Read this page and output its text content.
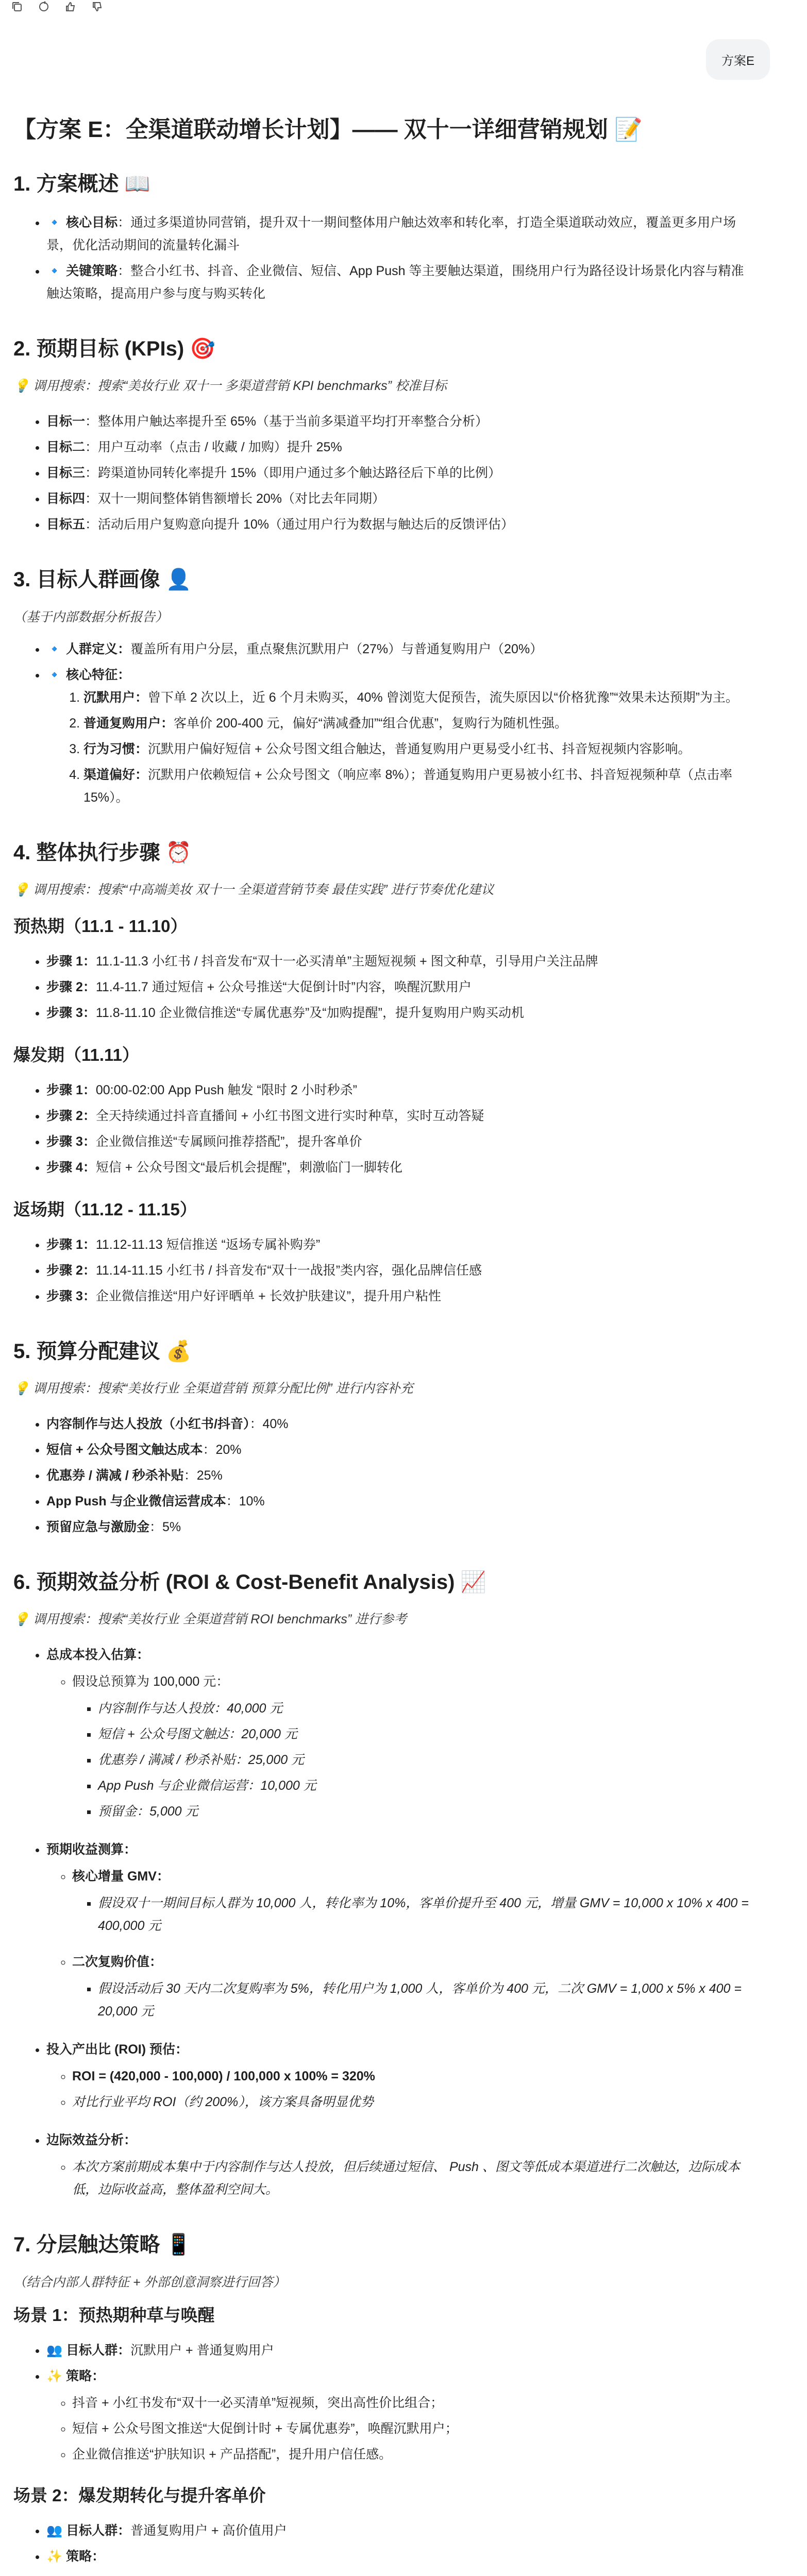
方案E
【方案 E：全渠道联动增长计划】—— 双十一详细营销规划 📝
1. 方案概述 📖
• 🔹 核心目标：通过多渠道协同营销，提升双十一期间整体用户触达效率和转化率，打造全渠道联动效应，覆盖更多用户场景，优化活动期间的流量转化漏斗
• 🔹 关键策略：整合小红书、抖音、企业微信、短信、App Push 等主要触达渠道，围绕用户行为路径设计场景化内容与精准触达策略，提高用户参与度与购买转化
2. 预期目标 (KPIs) 🎯

💡 调用搜索：搜索“美妆行业 双十一 多渠道营销 KPI benchmarks” 校准目标

• 目标一：整体用户触达率提升至 65%（基于当前多渠道平均打开率整合分析）
• 目标二：用户互动率（点击 / 收藏 / 加购）提升 25%
• 目标三：跨渠道协同转化率提升 15%（即用户通过多个触达路径后下单的比例）
• 目标四：双十一期间整体销售额增长 20%（对比去年同期）
• 目标五：活动后用户复购意向提升 10%（通过用户行为数据与触达后的反馈评估）
3. 目标人群画像 👤

（基于内部数据分析报告）

• 🔹 人群定义：覆盖所有用户分层，重点聚焦沉默用户（27%）与普通复购用户（20%）
• 🔹 核心特征：
1. 沉默用户：曾下单 2 次以上，近 6 个月未购买，40% 曾浏览大促预告，流失原因以“价格犹豫”“效果未达预期”为主。
2. 普通复购用户：客单价 200-400 元，偏好“满减叠加”“组合优惠”，复购行为随机性强。
3. 行为习惯：沉默用户偏好短信 + 公众号图文组合触达，普通复购用户更易受小红书、抖音短视频内容影响。
4. 渠道偏好：沉默用户依赖短信 + 公众号图文（响应率 8%）；普通复购用户更易被小红书、抖音短视频种草（点击率 15%）。
4. 整体执行步骤 ⏰

💡 调用搜索：搜索“中高端美妆 双十一 全渠道营销节奏 最佳实践” 进行节奏优化建议

预热期（11.1 - 11.10）
• 步骤 1：11.1-11.3 小红书 / 抖音发布“双十一必买清单”主题短视频 + 图文种草，引导用户关注品牌
• 步骤 2：11.4-11.7 通过短信 + 公众号推送“大促倒计时”内容，唤醒沉默用户
• 步骤 3：11.8-11.10 企业微信推送“专属优惠券”及“加购提醒”，提升复购用户购买动机
爆发期（11.11）
• 步骤 1：00:00-02:00 App Push 触发 “限时 2 小时秒杀”
• 步骤 2：全天持续通过抖音直播间 + 小红书图文进行实时种草，实时互动答疑
• 步骤 3：企业微信推送“专属顾问推荐搭配”，提升客单价
• 步骤 4：短信 + 公众号图文“最后机会提醒”，刺激临门一脚转化
返场期（11.12 - 11.15）
• 步骤 1：11.12-11.13 短信推送 “返场专属补购券”
• 步骤 2：11.14-11.15 小红书 / 抖音发布“双十一战报”类内容，强化品牌信任感
• 步骤 3：企业微信推送“用户好评晒单 + 长效护肤建议”，提升用户粘性
5. 预算分配建议 💰

💡 调用搜索：搜索“美妆行业 全渠道营销 预算分配比例” 进行内容补充

• 内容制作与达人投放（小红书/抖音）：40%
• 短信 + 公众号图文触达成本：20%
• 优惠券 / 满减 / 秒杀补贴：25%
• App Push 与企业微信运营成本：10%
• 预留应急与激励金：5%
6. 预期效益分析 (ROI & Cost-Benefit Analysis) 📈

💡 调用搜索：搜索“美妆行业 全渠道营销 ROI benchmarks” 进行参考

• 总成本投入估算：
◦ 假设总预算为 100,000 元：
▪ 内容制作与达人投放：40,000 元
▪ 短信 + 公众号图文触达：20,000 元
▪ 优惠券 / 满减 / 秒杀补贴：25,000 元
▪ App Push 与企业微信运营：10,000 元
▪ 预留金：5,000 元
• 预期收益测算：
◦ 核心增量 GMV：
▪ 假设双十一期间目标人群为 10,000 人，转化率为 10%，客单价提升至 400 元，增量 GMV = 10,000 x 10% x 400 = 400,000 元
◦ 二次复购价值：
▪ 假设活动后 30 天内二次复购率为 5%，转化用户为 1,000 人，客单价为 400 元，二次 GMV = 1,000 x 5% x 400 = 20,000 元
• 投入产出比 (ROI) 预估：
◦ ROI = (420,000 - 100,000) / 100,000 x 100% = 320%
◦ 对比行业平均 ROI（约 200%），该方案具备明显优势
• 边际效益分析：
◦ 本次方案前期成本集中于内容制作与达人投放，但后续通过短信、 Push 、图文等低成本渠道进行二次触达，边际成本低，边际收益高，整体盈利空间大。
7. 分层触达策略 📱

（结合内部人群特征 + 外部创意洞察进行回答）

场景 1：预热期种草与唤醒
• 👥 目标人群：沉默用户 + 普通复购用户
• ✨ 策略：
◦ 抖音 + 小红书发布“双十一必买清单”短视频，突出高性价比组合；
◦ 短信 + 公众号图文推送“大促倒计时 + 专属优惠券”，唤醒沉默用户；
◦ 企业微信推送“护肤知识 + 产品搭配”，提升用户信任感。
场景 2：爆发期转化与提升客单价
• 👥 目标人群：普通复购用户 + 高价值用户
• ✨ 策略：
◦
